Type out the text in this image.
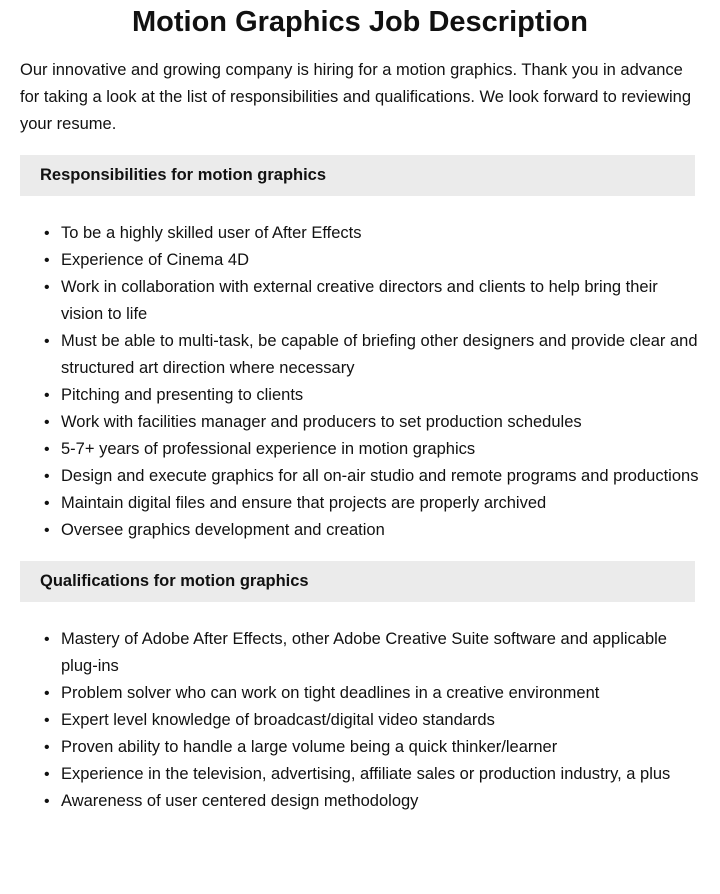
Motion Graphics Job Description

Our innovative and growing company is hiring for a motion graphics. Thank you in advance for taking a look at the list of responsibilities and qualifications. We look forward to reviewing your resume.

Responsibilities for motion graphics
• To be a highly skilled user of After Effects
• Experience of Cinema 4D
• Work in collaboration with external creative directors and clients to help bring their vision to life
• Must be able to multi-task, be capable of briefing other designers and provide clear and structured art direction where necessary
• Pitching and presenting to clients
• Work with facilities manager and producers to set production schedules
• 5-7+ years of professional experience in motion graphics
• Design and execute graphics for all on-air studio and remote programs and productions
• Maintain digital files and ensure that projects are properly archived
• Oversee graphics development and creation
Qualifications for motion graphics
• Mastery of Adobe After Effects, other Adobe Creative Suite software and applicable plug-ins
• Problem solver who can work on tight deadlines in a creative environment
• Expert level knowledge of broadcast/digital video standards
• Proven ability to handle a large volume being a quick thinker/learner
• Experience in the television, advertising, affiliate sales or production industry, a plus
• Awareness of user centered design methodology
